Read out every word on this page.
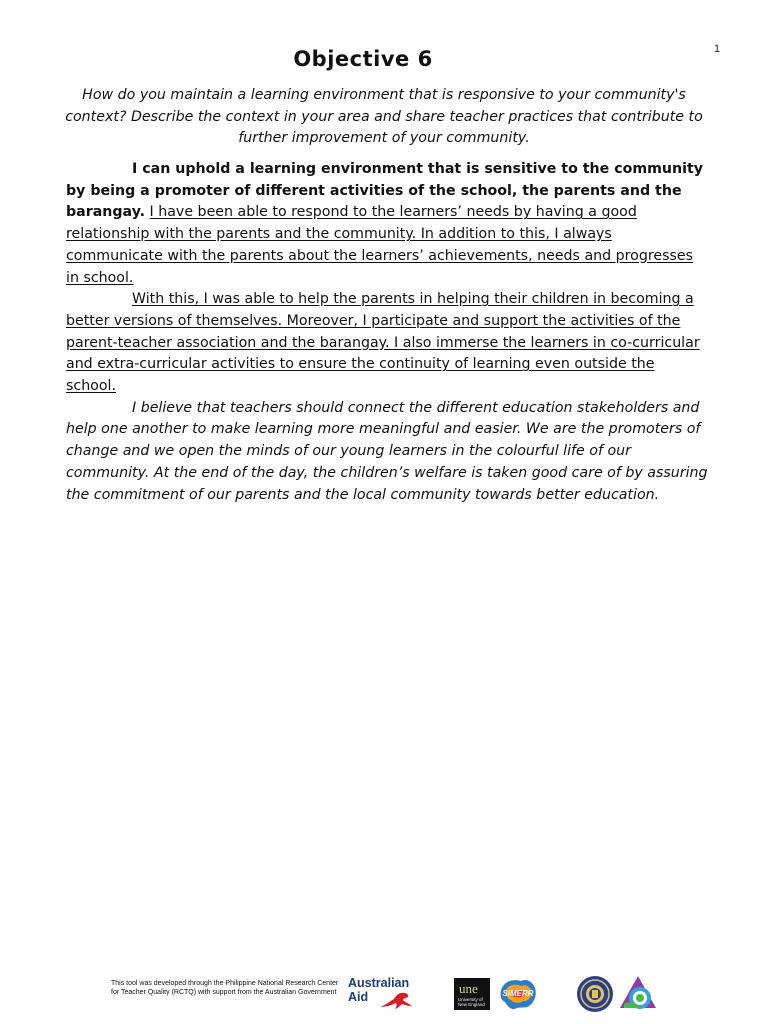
1
Objective 6
How do you maintain a learning environment that is responsive to your community's context? Describe the context in your area and share teacher practices that contribute to further improvement of your community.

I can uphold a learning environment that is sensitive to the community by being a promoter of different activities of the school, the parents and the barangay. I have been able to respond to the learners’ needs by having a good relationship with the parents and the community. In addition to this, I always communicate with the parents about the learners’ achievements, needs and progresses in school.

With this, I was able to help the parents in helping their children in becoming a better versions of themselves. Moreover, I participate and support the activities of the parent-teacher association and the barangay. I also immerse the learners in co-curricular and extra-curricular activities to ensure the continuity of learning even outside the school.

I believe that teachers should connect the different education stakeholders and help one another to make learning more meaningful and easier. We are the promoters of change and we open the minds of our young learners in the colourful life of our community. At the end of the day, the children’s welfare is taken good care of by assuring the commitment of our parents and the local community towards better education.

This tool was developed through the Philippine National Research Center for Teacher Quality (RCTQ) with support from the Australian Government
Australian
Aid
une
University of New England
SiMERR
